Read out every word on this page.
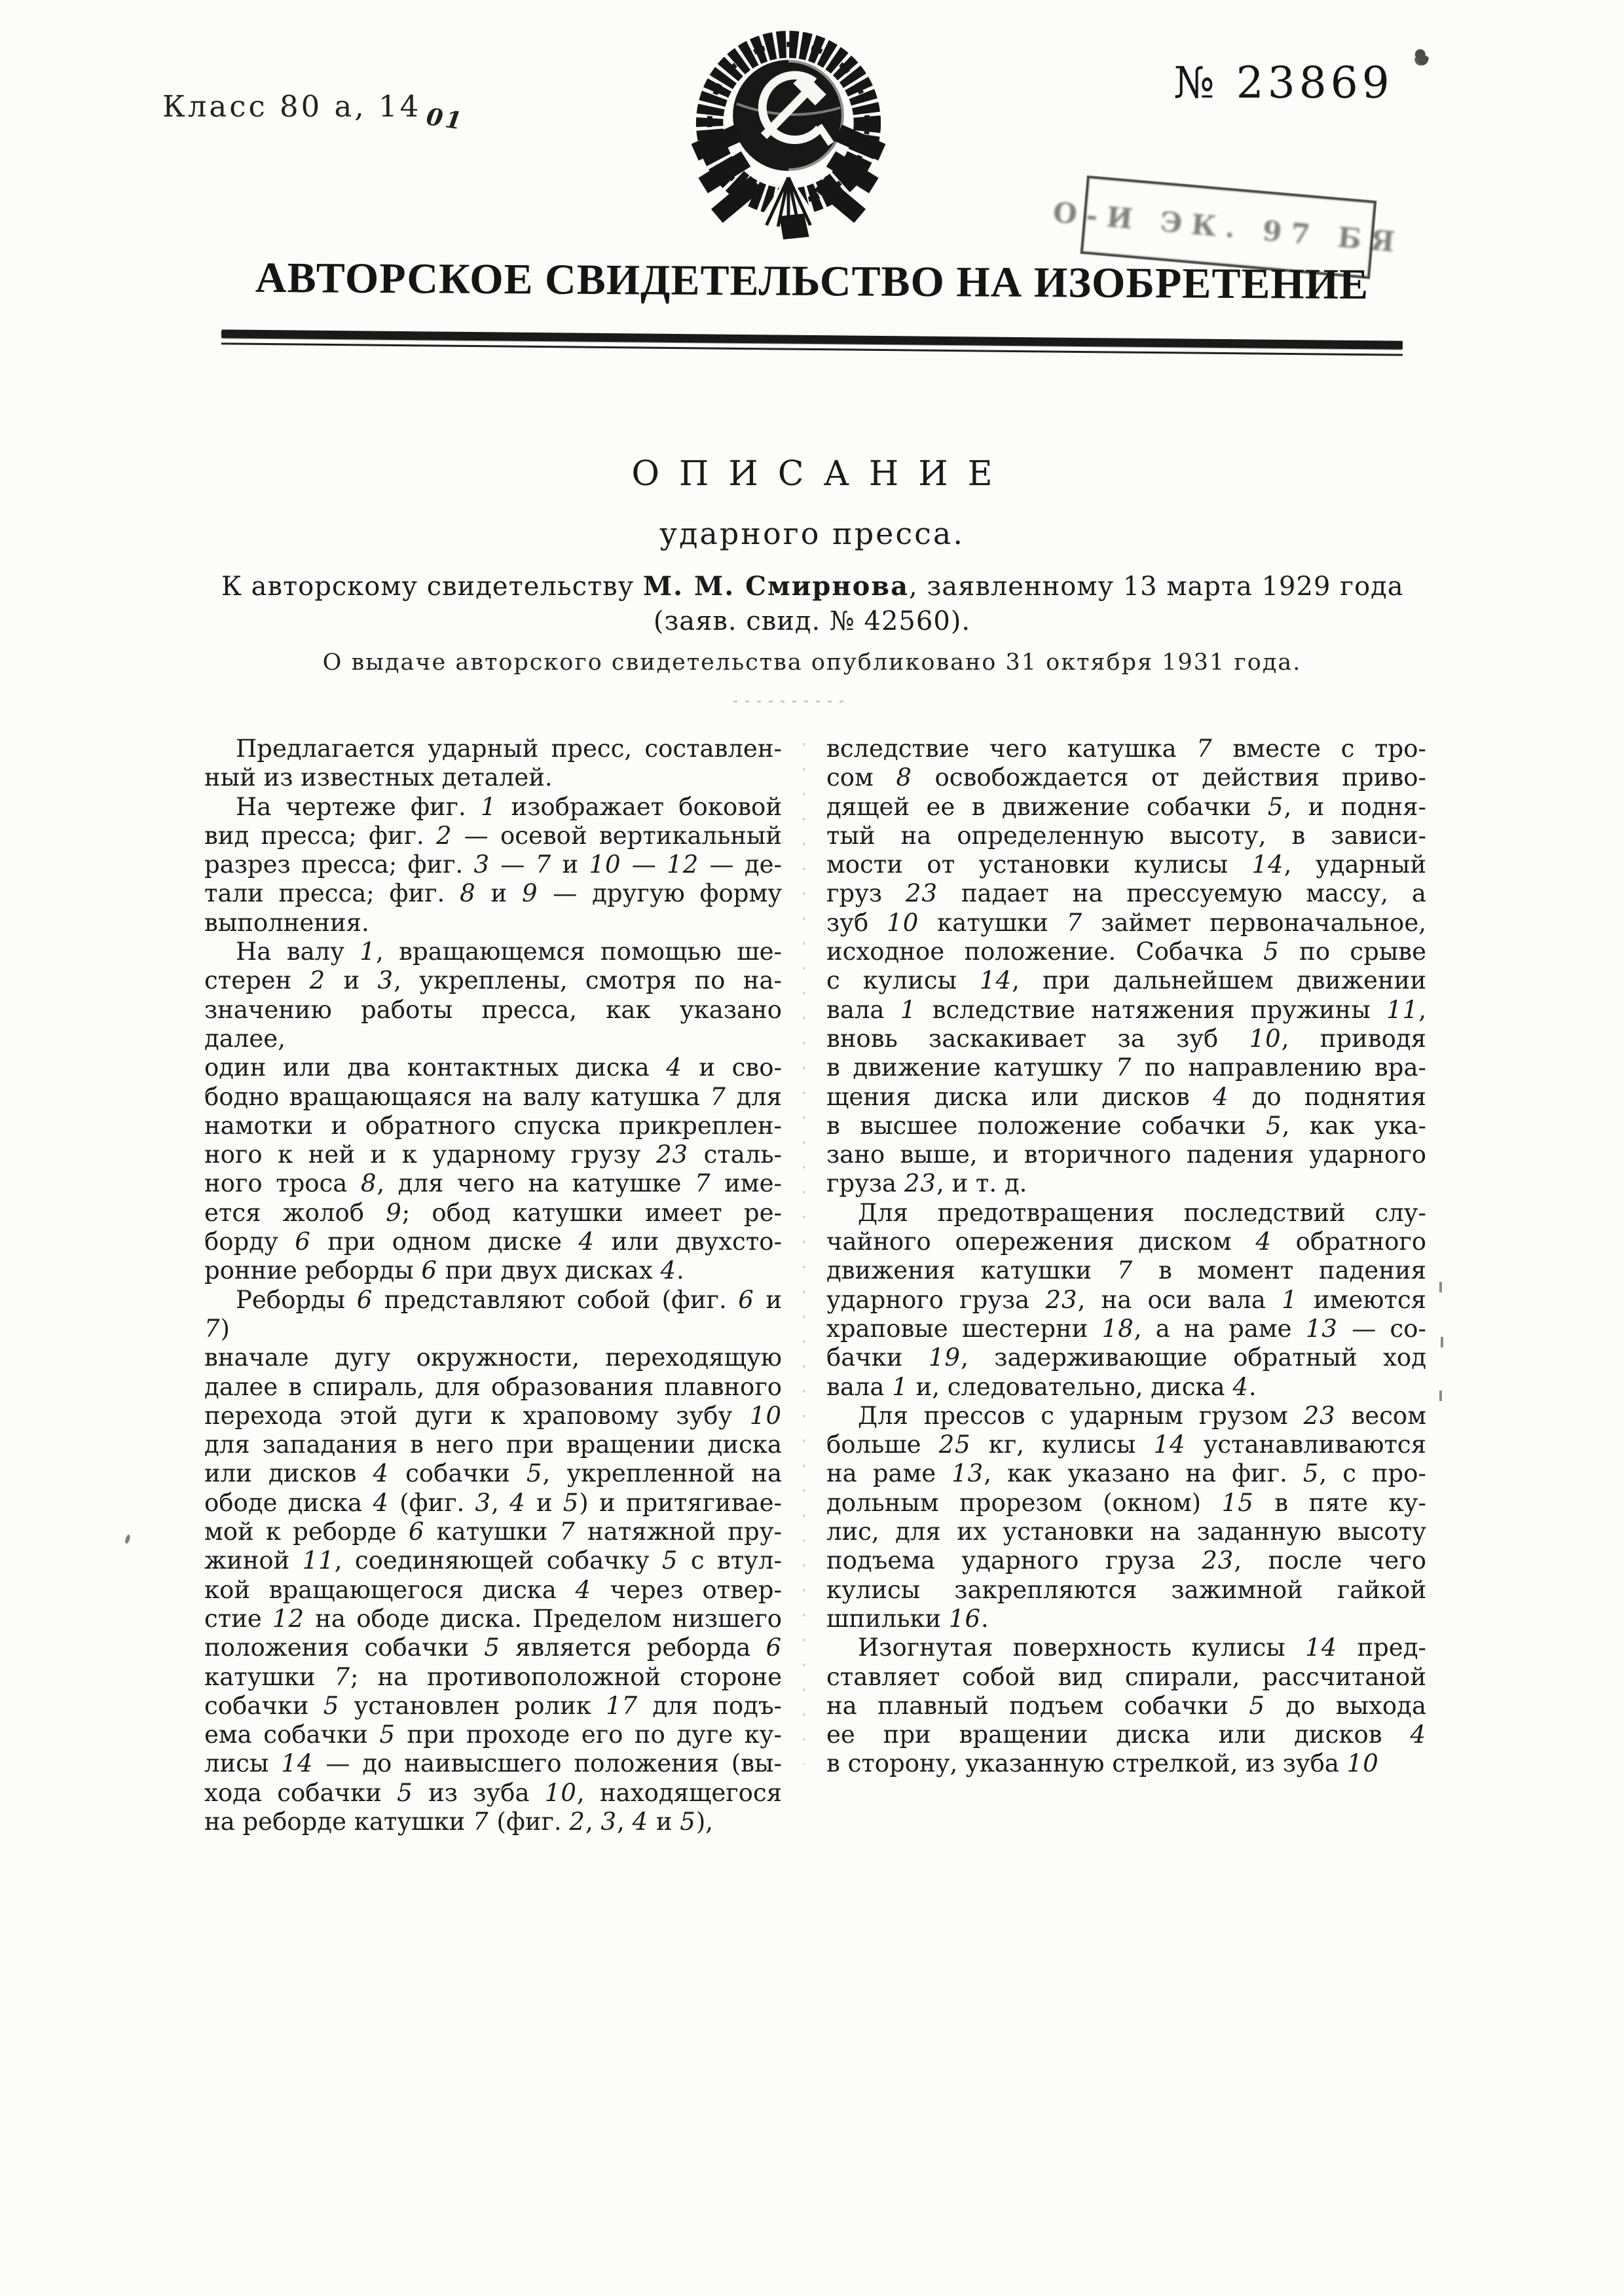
Класс 80 а, 14 01
№ 23869
О-И ЭК. 97 БЯ
АВТОРСКОЕ СВИДЕТЕЛЬСТВО НА ИЗОБРЕТЕНИЕ
ОПИСАНИЕ
ударного пресса.
К авторскому свидетельству М. М. Смирнова, заявленному 13 марта 1929 года
(заяв. свид. № 42560).
О выдаче авторского свидетельства опубликовано 31 октября 1931 года.
Предлагается ударный пресс, составлен-
ный из известных деталей.
На чертеже фиг. 1 изображает боковой
вид пресса; фиг. 2 — осевой вертикальный
разрез пресса; фиг. 3 — 7 и 10 — 12 — де-
тали пресса; фиг. 8 и 9 — другую форму
выполнения.
На валу 1, вращающемся помощью ше-
стерен 2 и 3, укреплены, смотря по на-
значению работы пресса, как указано далее,
один или два контактных диска 4 и сво-
бодно вращающаяся на валу катушка 7 для
намотки и обратного спуска прикреплен-
ного к ней и к ударному грузу 23 сталь-
ного троса 8, для чего на катушке 7 име-
ется жолоб 9; обод катушки имеет ре-
борду 6 при одном диске 4 или двухсто-
ронние реборды 6 при двух дисках 4.
Реборды 6 представляют собой (фиг. 6 и 7)
вначале дугу окружности, переходящую
далее в спираль, для образования плавного
перехода этой дуги к храповому зубу 10
для западания в него при вращении диска
или дисков 4 собачки 5, укрепленной на
ободе диска 4 (фиг. 3, 4 и 5) и притягивае-
мой к реборде 6 катушки 7 натяжной пру-
жиной 11, соединяющей собачку 5 с втул-
кой вращающегося диска 4 через отвер-
стие 12 на ободе диска. Пределом низшего
положения собачки 5 является реборда 6
катушки 7; на противоположной стороне
собачки 5 установлен ролик 17 для подъ-
ема собачки 5 при проходе его по дуге ку-
лисы 14 — до наивысшего положения (вы-
хода собачки 5 из зуба 10, находящегося
на реборде катушки 7 (фиг. 2, 3, 4 и 5),
вследствие чего катушка 7 вместе с тро-
сом 8 освобождается от действия приво-
дящей ее в движение собачки 5, и подня-
тый на определенную высоту, в зависи-
мости от установки кулисы 14, ударный
груз 23 падает на прессуемую массу, а
зуб 10 катушки 7 займет первоначальное,
исходное положение. Собачка 5 по срыве
с кулисы 14, при дальнейшем движении
вала 1 вследствие натяжения пружины 11,
вновь заскакивает за зуб 10, приводя
в движение катушку 7 по направлению вра-
щения диска или дисков 4 до поднятия
в высшее положение собачки 5, как ука-
зано выше, и вторичного падения ударного
груза 23, и т. д.
Для предотвращения последствий слу-
чайного опережения диском 4 обратного
движения катушки 7 в момент падения
ударного груза 23, на оси вала 1 имеются
храповые шестерни 18, а на раме 13 — со-
бачки 19, задерживающие обратный ход
вала 1 и, следовательно, диска 4.
Для прессов с ударным грузом 23 весом
больше 25 кг, кулисы 14 устанавливаются
на раме 13, как указано на фиг. 5, с про-
дольным прорезом (окном) 15 в пяте ку-
лис, для их установки на заданную высоту
подъема ударного груза 23, после чего
кулисы закрепляются зажимной гайкой
шпильки 16.
Изогнутая поверхность кулисы 14 пред-
ставляет собой вид спирали, рассчитаной
на плавный подъем собачки 5 до выхода
ее при вращении диска или дисков 4
в сторону, указанную стрелкой, из зуба 10
